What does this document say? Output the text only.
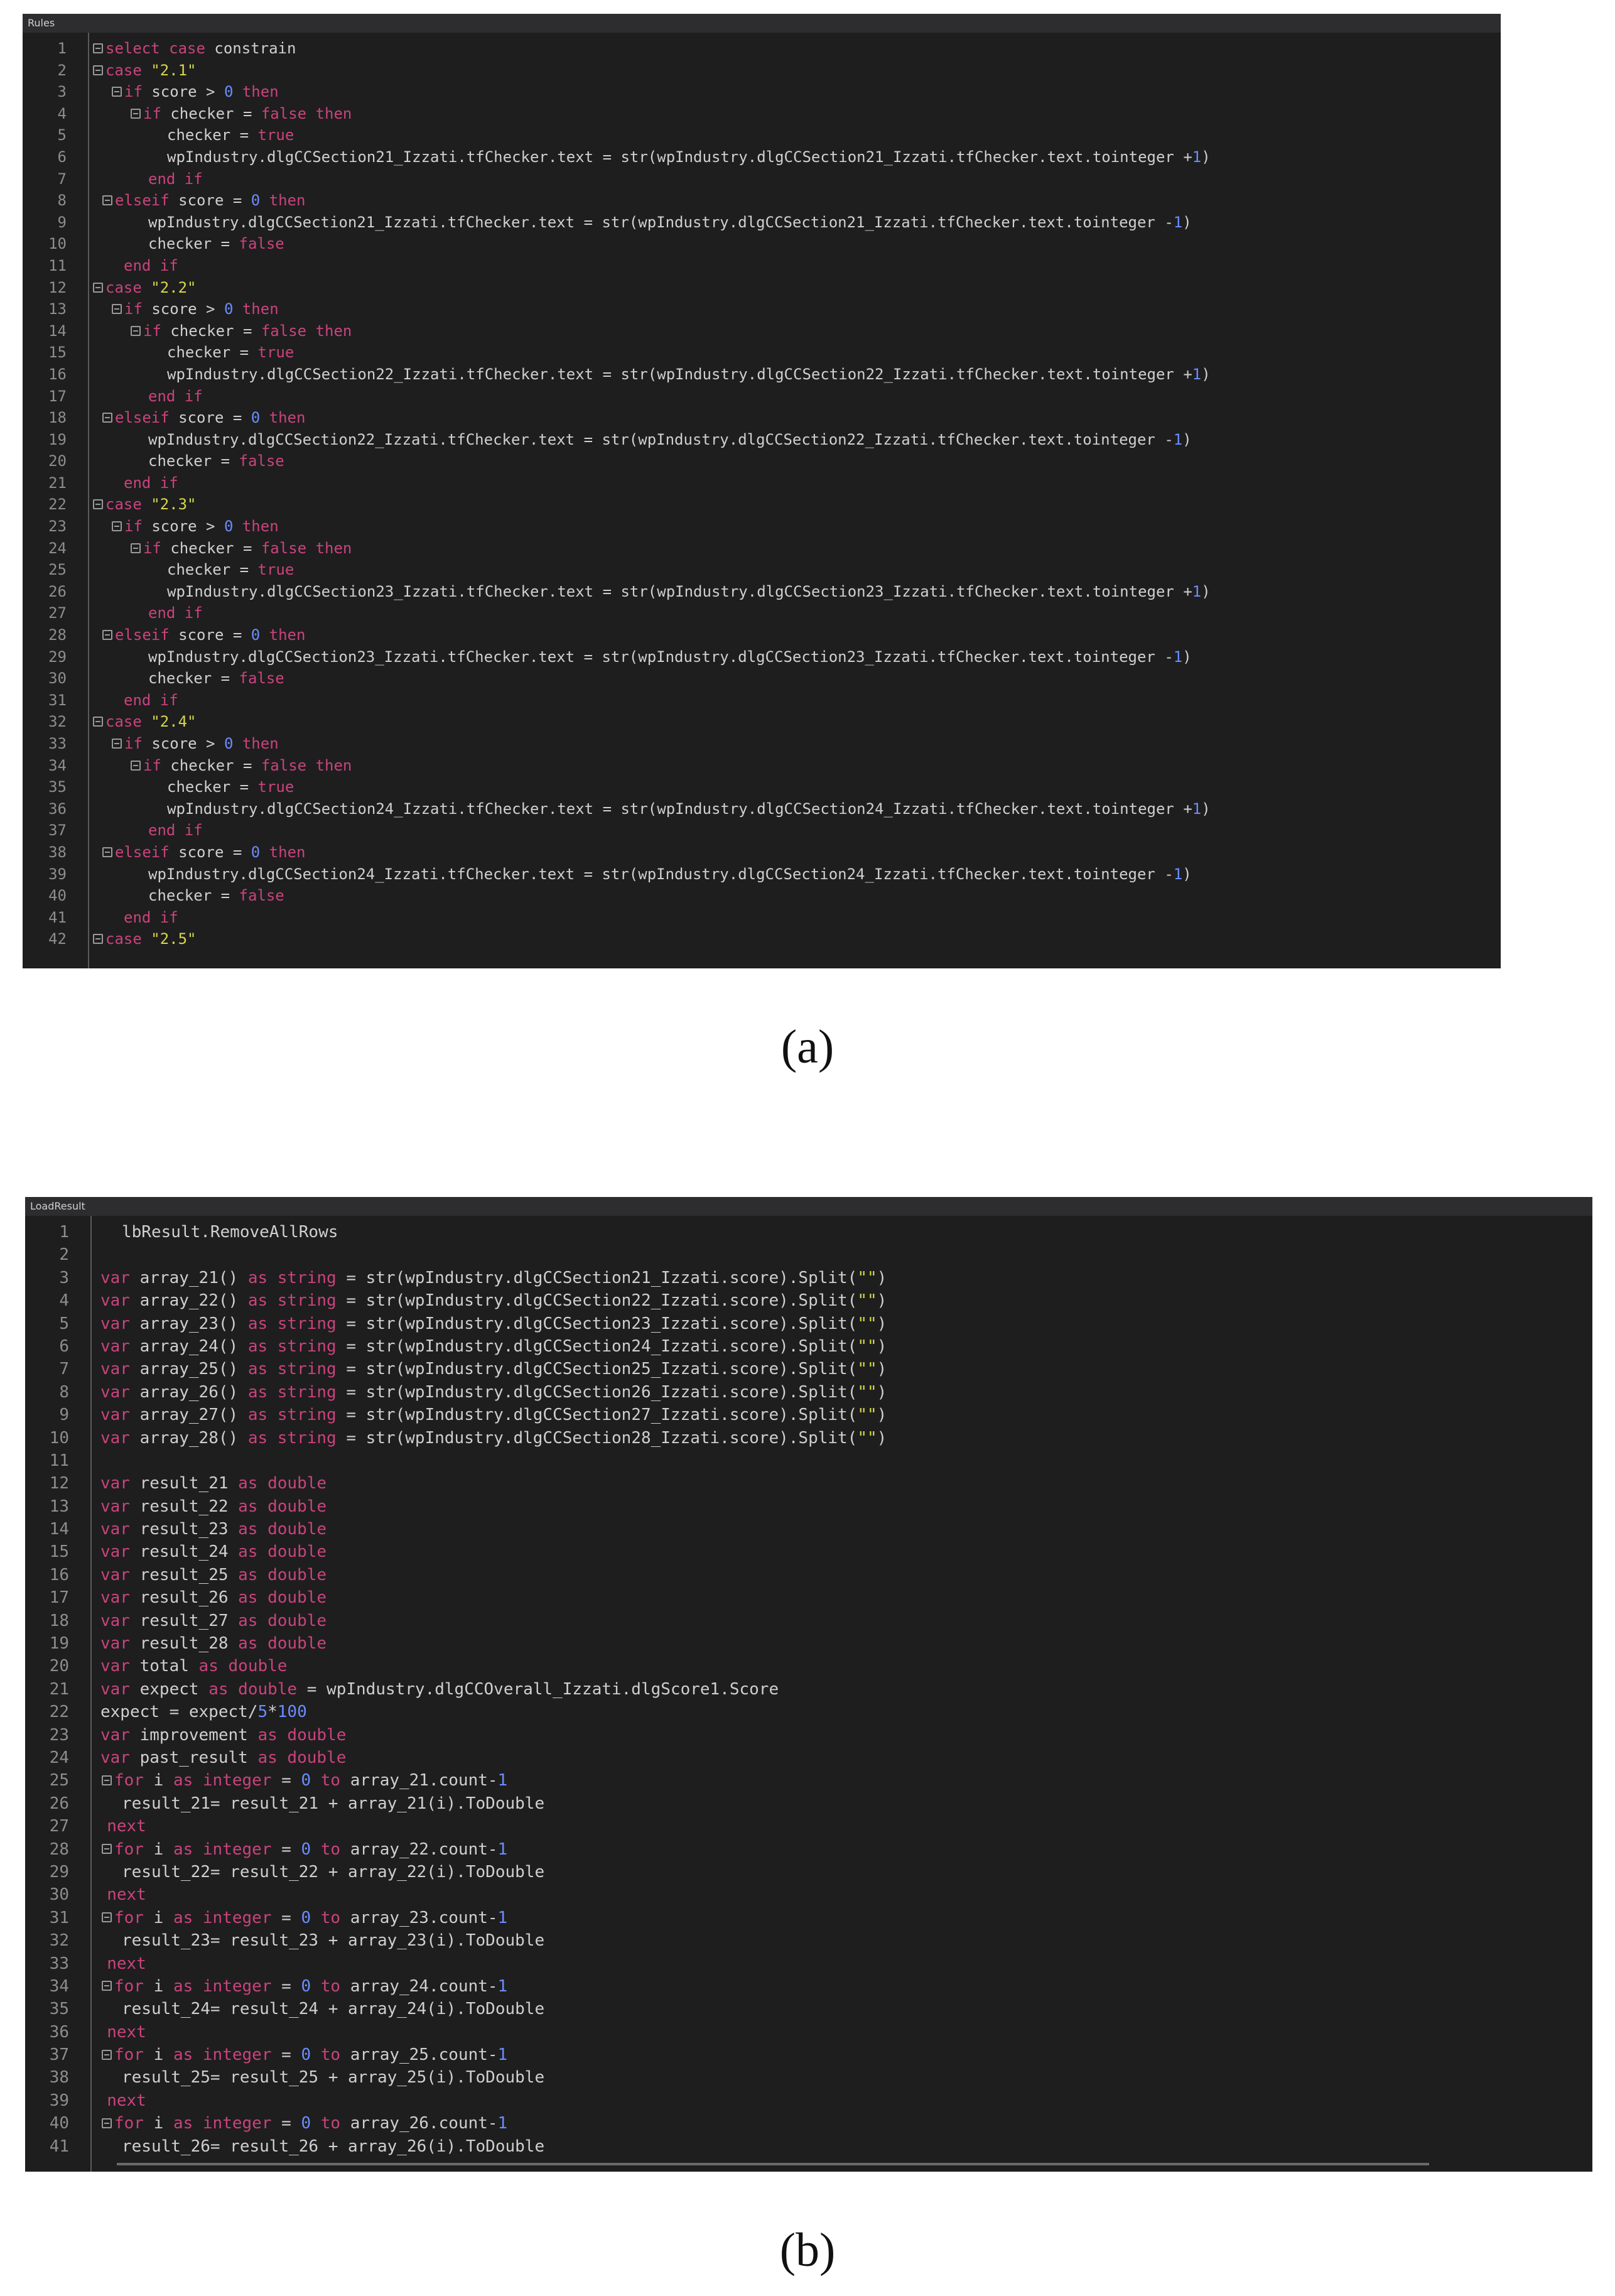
Rules
1	select case constrain
2	case "2.1"
3	if score > 0 then
4	if checker = false then
5	checker = true
6	wpIndustry.dlgCCSection21_Izzati.tfChecker.text = str(wpIndustry.dlgCCSection21_Izzati.tfChecker.text.tointeger +1)
7	end if
8	elseif score = 0 then
9	wpIndustry.dlgCCSection21_Izzati.tfChecker.text = str(wpIndustry.dlgCCSection21_Izzati.tfChecker.text.tointeger -1)
10	checker = false
11	end if
12	case "2.2"
13	if score > 0 then
14	if checker = false then
15	checker = true
16	wpIndustry.dlgCCSection22_Izzati.tfChecker.text = str(wpIndustry.dlgCCSection22_Izzati.tfChecker.text.tointeger +1)
17	end if
18	elseif score = 0 then
19	wpIndustry.dlgCCSection22_Izzati.tfChecker.text = str(wpIndustry.dlgCCSection22_Izzati.tfChecker.text.tointeger -1)
20	checker = false
21	end if
22	case "2.3"
23	if score > 0 then
24	if checker = false then
25	checker = true
26	wpIndustry.dlgCCSection23_Izzati.tfChecker.text = str(wpIndustry.dlgCCSection23_Izzati.tfChecker.text.tointeger +1)
27	end if
28	elseif score = 0 then
29	wpIndustry.dlgCCSection23_Izzati.tfChecker.text = str(wpIndustry.dlgCCSection23_Izzati.tfChecker.text.tointeger -1)
30	checker = false
31	end if
32	case "2.4"
33	if score > 0 then
34	if checker = false then
35	checker = true
36	wpIndustry.dlgCCSection24_Izzati.tfChecker.text = str(wpIndustry.dlgCCSection24_Izzati.tfChecker.text.tointeger +1)
37	end if
38	elseif score = 0 then
39	wpIndustry.dlgCCSection24_Izzati.tfChecker.text = str(wpIndustry.dlgCCSection24_Izzati.tfChecker.text.tointeger -1)
40	checker = false
41	end if
42	case "2.5"
(a)
LoadResult
1	lbResult.RemoveAllRows
2
3 var array_21() as string = str(wpIndustry.dlgCCSection21_Izzati.score).Split("")
4 var array_22() as string = str(wpIndustry.dlgCCSection22_Izzati.score).Split("")
5 var array_23() as string = str(wpIndustry.dlgCCSection23_Izzati.score).Split("")
6 var array_24() as string = str(wpIndustry.dlgCCSection24_Izzati.score).Split("")
7 var array_25() as string = str(wpIndustry.dlgCCSection25_Izzati.score).Split("")
8 var array_26() as string = str(wpIndustry.dlgCCSection26_Izzati.score).Split("")
9 var array_27() as string = str(wpIndustry.dlgCCSection27_Izzati.score).Split("")
10 var array_28() as string = str(wpIndustry.dlgCCSection28_Izzati.score).Split("")
11
12 var result_21 as double
13 var result_22 as double
14 var result_23 as double
15 var result_24 as double
16 var result_25 as double
17 var result_26 as double
18 var result_27 as double
19 var result_28 as double
20 var total as double
21 var expect as double = wpIndustry.dlgCCOverall_Izzati.dlgScore1.Score
22 expect = expect/5*100
23 var improvement as double
24 var past_result as double
25	for i as integer = 0 to array_21.count-1
26	result_21= result_21 + array_21(i).ToDouble
27 next
28	for i as integer = 0 to array_22.count-1
29	result_22= result_22 + array_22(i).ToDouble
30 next
31	for i as integer = 0 to array_23.count-1
32	result_23= result_23 + array_23(i).ToDouble
33 next
34	for i as integer = 0 to array_24.count-1
35	result_24= result_24 + array_24(i).ToDouble
36 next
37	for i as integer = 0 to array_25.count-1
38	result_25= result_25 + array_25(i).ToDouble
39 next
40	for i as integer = 0 to array_26.count-1
41	result_26= result_26 + array_26(i).ToDouble
(b)
